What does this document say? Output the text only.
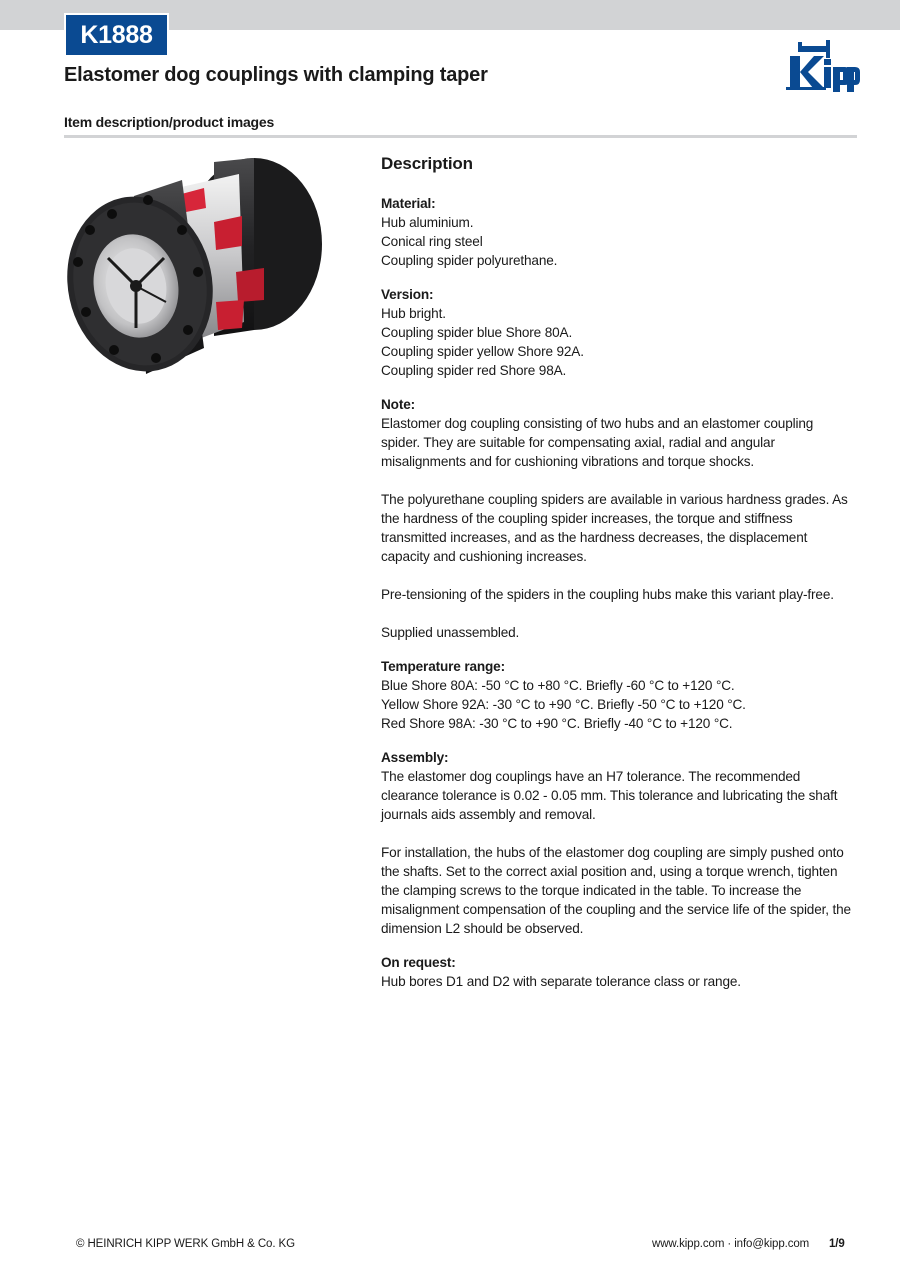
K1888
Elastomer dog couplings with clamping taper
Item description/product images
Description
Material:
Hub aluminium.
Conical ring steel
Coupling spider polyurethane.
Version:
Hub bright.
Coupling spider blue Shore 80A.
Coupling spider yellow Shore 92A.
Coupling spider red Shore 98A.
Note:

Elastomer dog coupling consisting of two hubs and an elastomer coupling spider. They are suitable for compensating axial, radial and angular misalignments and for cushioning vibrations and torque shocks.

The polyurethane coupling spiders are available in various hardness grades. As the hardness of the coupling spider increases, the torque and stiffness transmitted increases, and as the hardness decreases, the displacement capacity and cushioning increases.

Pre-tensioning of the spiders in the coupling hubs make this variant play-free.

Supplied unassembled.

Temperature range:
Blue Shore 80A: -50 °C to +80 °C. Briefly -60 °C to +120 °C.
Yellow Shore 92A: -30 °C to +90 °C. Briefly -50 °C to +120 °C.
Red Shore 98A: -30 °C to +90 °C. Briefly -40 °C to +120 °C.
Assembly:

The elastomer dog couplings have an H7 tolerance. The recommended clearance tolerance is 0.02 - 0.05 mm. This tolerance and lubricating the shaft journals aids assembly and removal.

For installation, the hubs of the elastomer dog coupling are simply pushed onto the shafts. Set to the correct axial position and, using a torque wrench, tighten the clamping screws to the torque indicated in the table. To increase the misalignment compensation of the coupling and the service life of the spider, the dimension L2 should be observed.

On request:
Hub bores D1 and D2 with separate tolerance class or range.
© HEINRICH KIPP WERK GmbH & Co. KG	www.kipp.com · info@kipp.com 1/9
